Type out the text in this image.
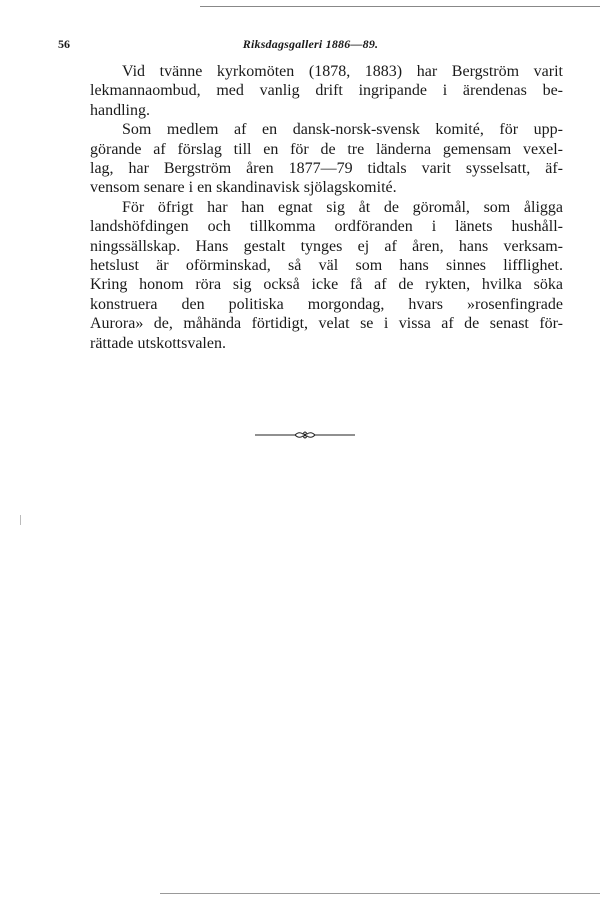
56	Riksdagsgalleri 1886—89.
Vid tvänne kyrkomöten (1878, 1883) har Bergström varit
lekmannaombud, med vanlig drift ingripande i ärendenas be-
handling.
Som medlem af en dansk-norsk-svensk komité, för upp-
görande af förslag till en för de tre länderna gemensam vexel-
lag, har Bergström åren 1877—79 tidtals varit sysselsatt, äf-
vensom senare i en skandinavisk sjölagskomité.
För öfrigt har han egnat sig åt de göromål, som åligga
landshöfdingen och tillkomma ordföranden i länets hushåll-
ningssällskap. Hans gestalt tynges ej af åren, hans verksam-
hetslust är oförminskad, så väl som hans sinnes lifflighet.
Kring honom röra sig också icke få af de rykten, hvilka söka
konstruera den politiska morgondag, hvars »rosenfingrade
Aurora» de, måhända förtidigt, velat se i vissa af de senast för-
rättade utskottsvalen.
